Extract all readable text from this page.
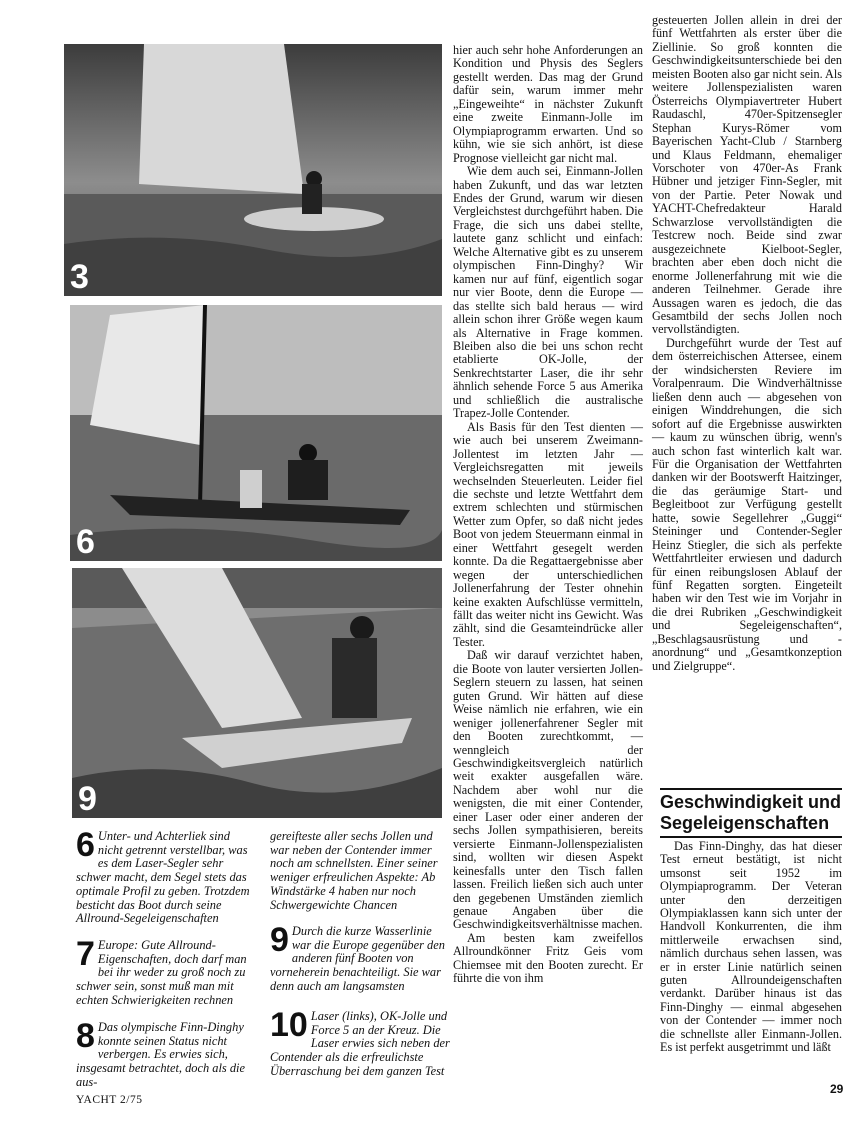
3
6
9
6 Unter- und Achterliek sind nicht getrennt verstellbar, was es dem Laser-Segler sehr schwer macht, dem Segel stets das optimale Profil zu geben. Trotzdem besticht das Boot durch seine Allround-Segeleigenschaften
7 Europe: Gute Allround-Eigenschaften, doch darf man bei ihr weder zu groß noch zu schwer sein, sonst muß man mit echten Schwierigkeiten rechnen
8 Das olympische Finn-Dinghy konnte seinen Status nicht verbergen. Es erwies sich, insgesamt betrachtet, doch als die aus-
gereifteste aller sechs Jollen und war neben der Contender immer noch am schnellsten. Einer seiner weniger erfreulichen Aspekte: Ab Windstärke 4 haben nur noch Schwergewichte Chancen
9 Durch die kurze Wasserlinie war die Europe gegenüber den anderen fünf Booten von vorneherein benachteiligt. Sie war denn auch am langsamsten
10 Laser (links), OK-Jolle und Force 5 an der Kreuz. Die Laser erwies sich neben der Contender als die erfreulichste Überraschung bei dem ganzen Test

hier auch sehr hohe Anforderungen an Kondition und Physis des Seglers gestellt werden. Das mag der Grund dafür sein, warum immer mehr „Eingeweihte“ in nächster Zukunft eine zweite Einmann-Jolle im Olympiaprogramm erwarten. Und so kühn, wie sie sich anhört, ist diese Prognose vielleicht gar nicht mal.

Wie dem auch sei, Einmann-Jollen haben Zukunft, und das war letzten Endes der Grund, warum wir diesen Vergleichstest durchgeführt haben. Die Frage, die sich uns dabei stellte, lautete ganz schlicht und einfach: Welche Alternative gibt es zu unserem olympischen Finn-Dinghy? Wir kamen nur auf fünf, eigentlich sogar nur vier Boote, denn die Europe — das stellte sich bald heraus — wird allein schon ihrer Größe wegen kaum als Alternative in Frage kommen. Bleiben also die bei uns schon recht etablierte OK-Jolle, der Senkrechtstarter Laser, die ihr sehr ähnlich sehende Force 5 aus Amerika und schließlich die australische Trapez-Jolle Contender.

Als Basis für den Test dienten — wie auch bei unserem Zweimann-Jollentest im letzten Jahr — Vergleichsregatten mit jeweils wechselnden Steuerleuten. Leider fiel die sechste und letzte Wettfahrt dem extrem schlechten und stürmischen Wetter zum Opfer, so daß nicht jedes Boot von jedem Steuermann einmal in einer Wettfahrt gesegelt werden konnte. Da die Regattaergebnisse aber wegen der unterschiedlichen Jollenerfahrung der Tester ohnehin keine exakten Aufschlüsse vermitteln, fällt das weiter nicht ins Gewicht. Was zählt, sind die Gesamteindrücke aller Tester.

Daß wir darauf verzichtet haben, die Boote von lauter versierten Jollen-Seglern steuern zu lassen, hat seinen guten Grund. Wir hätten auf diese Weise nämlich nie erfahren, wie ein weniger jollenerfahrener Segler mit den Booten zurechtkommt, — wenngleich der Geschwindigkeitsvergleich natürlich weit exakter ausgefallen wäre. Nachdem aber wohl nur die wenigsten, die mit einer Contender, einer Laser oder einer anderen der sechs Jollen sympathisieren, bereits versierte Einmann-Jollenspezialisten sind, wollten wir diesen Aspekt keinesfalls unter den Tisch fallen lassen. Freilich ließen sich auch unter den gegebenen Umständen ziemlich genaue Angaben über die Geschwindigkeitsverhältnisse machen.

Am besten kam zweifellos Allroundkönner Fritz Geis vom Chiemsee mit den Booten zurecht. Er führte die von ihm

gesteuerten Jollen allein in drei der fünf Wettfahrten als erster über die Ziellinie. So groß konnten die Geschwindigkeitsunterschiede bei den meisten Booten also gar nicht sein. Als weitere Jollenspezialisten waren Österreichs Olympiavertreter Hubert Raudaschl, 470er-Spitzensegler Stephan Kurys-Römer vom Bayerischen Yacht-Club / Starnberg und Klaus Feldmann, ehemaliger Vorschoter von 470er-As Frank Hübner und jetziger Finn-Segler, mit von der Partie. Peter Nowak und YACHT-Chefredakteur Harald Schwarzlose vervollständigten die Testcrew noch. Beide sind zwar ausgezeichnete Kielboot-Segler, brachten aber eben doch nicht die enorme Jollenerfahrung mit wie die anderen Teilnehmer. Gerade ihre Aussagen waren es jedoch, die das Gesamtbild der sechs Jollen noch vervollständigten.

Durchgeführt wurde der Test auf dem österreichischen Attersee, einem der windsichersten Reviere im Voralpenraum. Die Windverhältnisse ließen denn auch — abgesehen von einigen Winddrehungen, die sich sofort auf die Ergebnisse auswirkten — kaum zu wünschen übrig, wenn's auch schon fast winterlich kalt war. Für die Organisation der Wettfahrten danken wir der Bootswerft Haitzinger, die das geräumige Start- und Begleitboot zur Verfügung gestellt hatte, sowie Segellehrer „Guggi“ Steininger und Contender-Segler Heinz Stiegler, die sich als perfekte Wettfahrtleiter erwiesen und dadurch für einen reibungslosen Ablauf der fünf Regatten sorgten. Eingeteilt haben wir den Test wie im Vorjahr in die drei Rubriken „Geschwindigkeit und Segeleigenschaften“, „Beschlagsausrüstung und -anordnung“ und „Gesamtkonzeption und Zielgruppe“.

Geschwindigkeit und Segeleigenschaften

Das Finn-Dinghy, das hat dieser Test erneut bestätigt, ist nicht umsonst seit 1952 im Olympiaprogramm. Der Veteran unter den derzeitigen Olympiaklassen kann sich unter der Handvoll Konkurrenten, die ihm mittlerweile erwachsen sind, nämlich durchaus sehen lassen, was er in erster Linie natürlich seinen guten Allroundeigenschaften verdankt. Darüber hinaus ist das Finn-Dinghy — einmal abgesehen von der Contender — immer noch die schnellste aller Einmann-Jollen. Es ist perfekt ausgetrimmt und läßt

YACHT 2/75
29
